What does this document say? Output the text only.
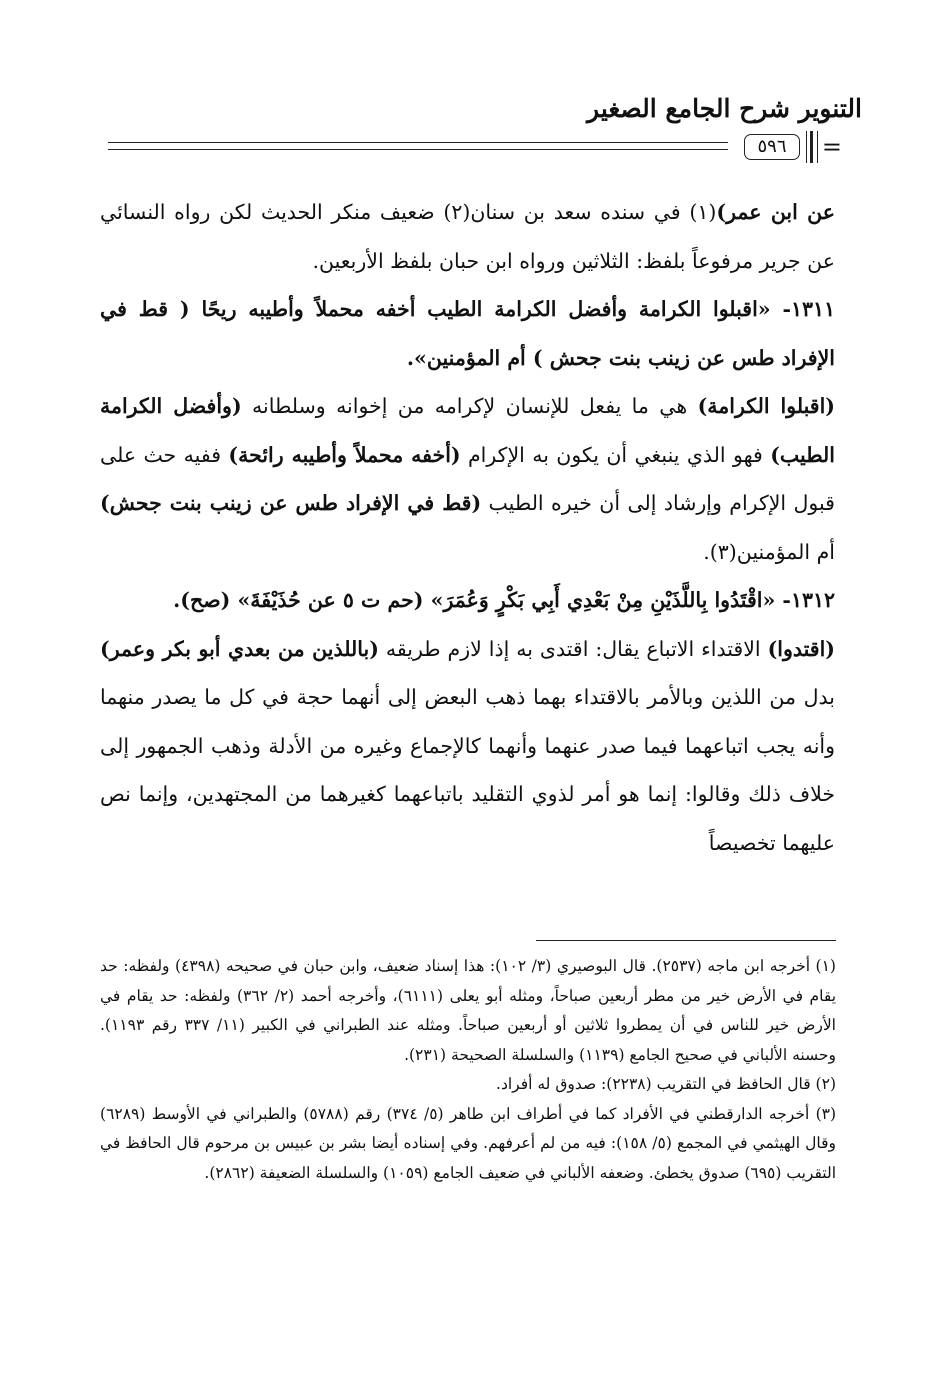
التنوير شرح الجامع الصغير
=
٥٩٦

عن ابن عمر)(١) في سنده سعد بن سنان(٢) ضعيف منكر الحديث لكن رواه النسائي عن جرير مرفوعاً بلفظ: الثلاثين ورواه ابن حبان بلفظ الأربعين.

١٣١١- «اقبلوا الكرامة وأفضل الكرامة الطيب أخفه محملاً وأطيبه ريحًا ( قط في الإفراد طس عن زينب بنت جحش ) أم المؤمنين».

(اقبلوا الكرامة) هي ما يفعل للإنسان لإكرامه من إخوانه وسلطانه (وأفضل الكرامة الطيب) فهو الذي ينبغي أن يكون به الإكرام (أخفه محملاً وأطيبه رائحة) ففيه حث على قبول الإكرام وإرشاد إلى أن خيره الطيب (قط في الإفراد طس عن زينب بنت جحش) أم المؤمنين(٣).

١٣١٢- «اقْتَدُوا بِاللَّذَيْنِ مِنْ بَعْدِي أَبِي بَكْرٍ وَعُمَرَ» (حم ت ٥ عن حُذَيْفَةَ» (صح).

(اقتدوا) الاقتداء الاتباع يقال: اقتدى به إذا لازم طريقه (باللذين من بعدي أبو بكر وعمر) بدل من اللذين وبالأمر بالاقتداء بهما ذهب البعض إلى أنهما حجة في كل ما يصدر منهما وأنه يجب اتباعهما فيما صدر عنهما وأنهما كالإجماع وغيره من الأدلة وذهب الجمهور إلى خلاف ذلك وقالوا: إنما هو أمر لذوي التقليد باتباعهما كغيرهما من المجتهدين، وإنما نص عليهما تخصيصاً

(١) أخرجه ابن ماجه (٢٥٣٧). قال البوصيري (٣/ ١٠٢): هذا إسناد ضعيف، وابن حبان في صحيحه (٤٣٩٨) ولفظه: حد يقام في الأرض خير من مطر أربعين صباحاً، ومثله أبو يعلى (٦١١١)، وأخرجه أحمد (٢/ ٣٦٢) ولفظه: حد يقام في الأرض خير للناس في أن يمطروا ثلاثين أو أربعين صباحاً. ومثله عند الطبراني في الكبير (١١/ ٣٣٧ رقم ١١٩٣). وحسنه الألباني في صحيح الجامع (١١٣٩) والسلسلة الصحيحة (٢٣١).

(٢) قال الحافظ في التقريب (٢٢٣٨): صدوق له أفراد.

(٣) أخرجه الدارقطني في الأفراد كما في أطراف ابن طاهر (٥/ ٣٧٤) رقم (٥٧٨٨) والطبراني في الأوسط (٦٢٨٩) وقال الهيثمي في المجمع (٥/ ١٥٨): فيه من لم أعرفهم. وفي إسناده أيضا بشر بن عبيس بن مرحوم قال الحافظ في التقريب (٦٩٥) صدوق يخطئ. وضعفه الألباني في ضعيف الجامع (١٠٥٩) والسلسلة الضعيفة (٢٨٦٢).
